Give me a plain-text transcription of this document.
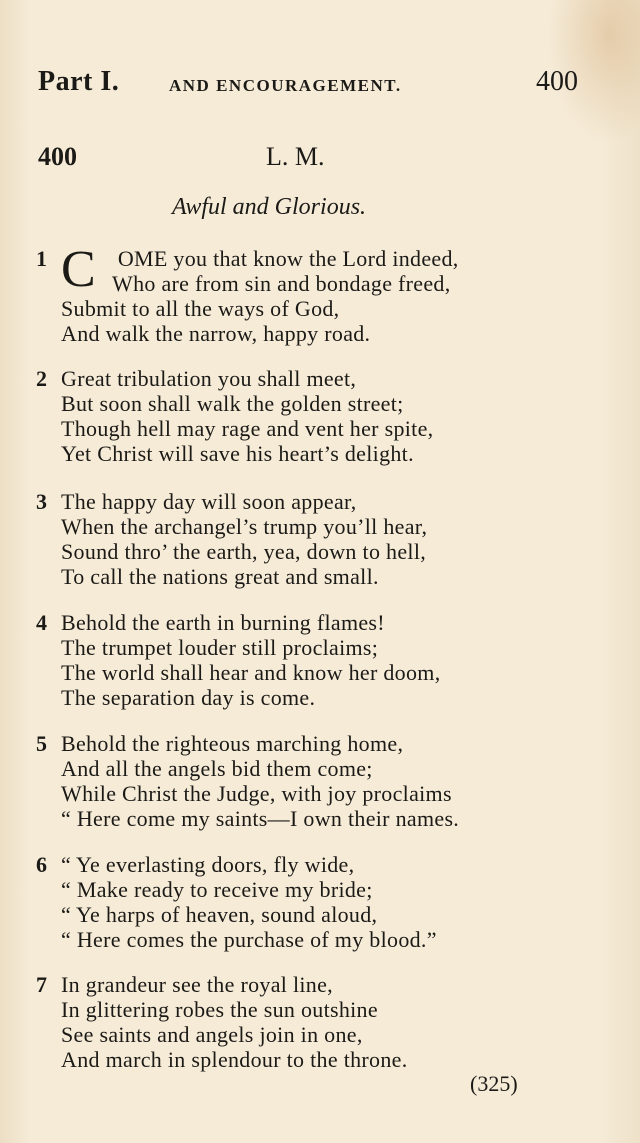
Part I.	AND ENCOURAGEMENT.	400
400	L. M.
Awful and Glorious.
1 C OME you that know the Lord indeed,
Who are from sin and bondage freed,
Submit to all the ways of God,
And walk the narrow, happy road.
2 Great tribulation you shall meet,
But soon shall walk the golden street;
Though hell may rage and vent her spite,
Yet Christ will save his heart’s delight.
3 The happy day will soon appear,
When the archangel’s trump you’ll hear,
Sound thro’ the earth, yea, down to hell,
To call the nations great and small.
4 Behold the earth in burning flames!
The trumpet louder still proclaims;
The world shall hear and know her doom,
The separation day is come.
5 Behold the righteous marching home,
And all the angels bid them come;
While Christ the Judge, with joy proclaims
“ Here come my saints—I own their names.
6 “ Ye everlasting doors, fly wide,
“ Make ready to receive my bride;
“ Ye harps of heaven, sound aloud,
“ Here comes the purchase of my blood.”
7 In grandeur see the royal line,
In glittering robes the sun outshine
See saints and angels join in one,
And march in splendour to the throne.
(325)
